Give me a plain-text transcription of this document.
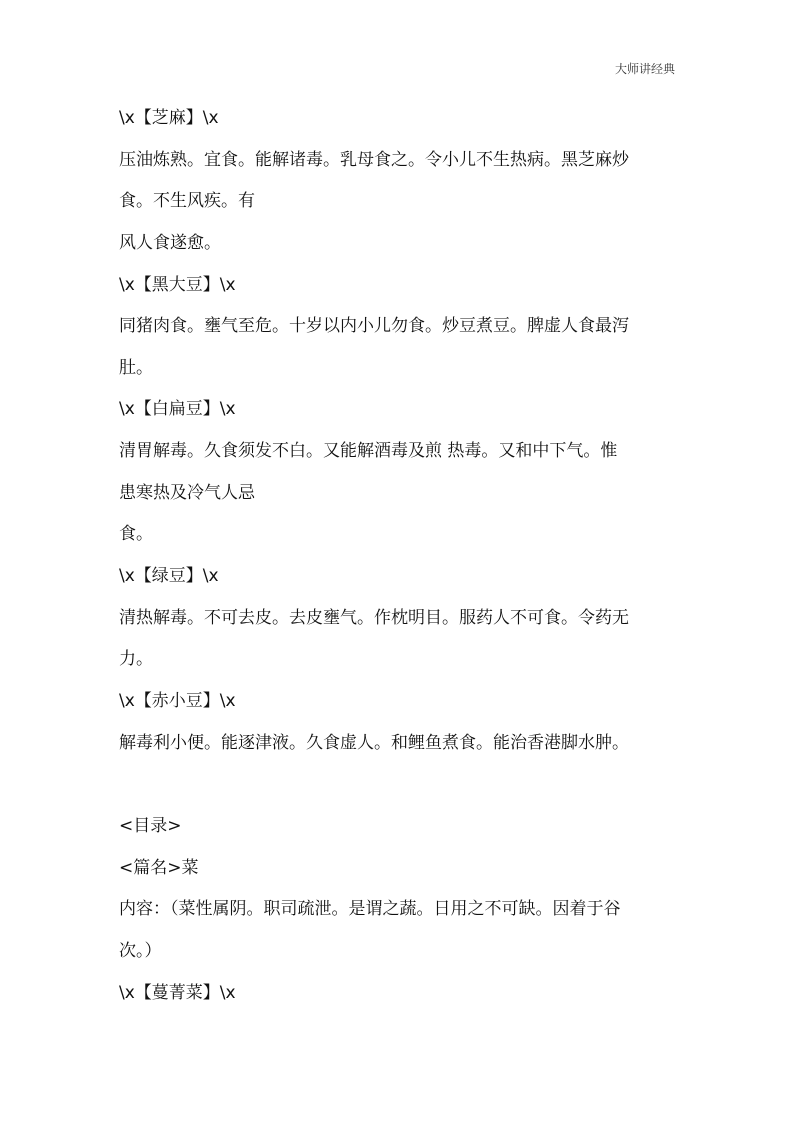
大师讲经典
\x【芝麻】\x
压油炼熟。宜食。能解诸毒。乳母食之。令小儿不生热病。黑芝麻炒
食。不生风疾。有
风人食遂愈。
\x【黑大豆】\x
同猪肉食。壅气至危。十岁以内小儿勿食。炒豆煮豆。脾虚人食最泻
肚。
\x【白扁豆】\x
清胃解毒。久食须发不白。又能解酒毒及煎 热毒。又和中下气。惟
患寒热及冷气人忌
食。
\x【绿豆】\x
清热解毒。不可去皮。去皮壅气。作枕明目。服药人不可食。令药无
力。
\x【赤小豆】\x
解毒利小便。能逐津液。久食虚人。和鲤鱼煮食。能治香港脚水肿。
<目录>
<篇名>菜
内容：（菜性属阴。职司疏泄。是谓之蔬。日用之不可缺。因着于谷
次。）
\x【蔓菁菜】\x
